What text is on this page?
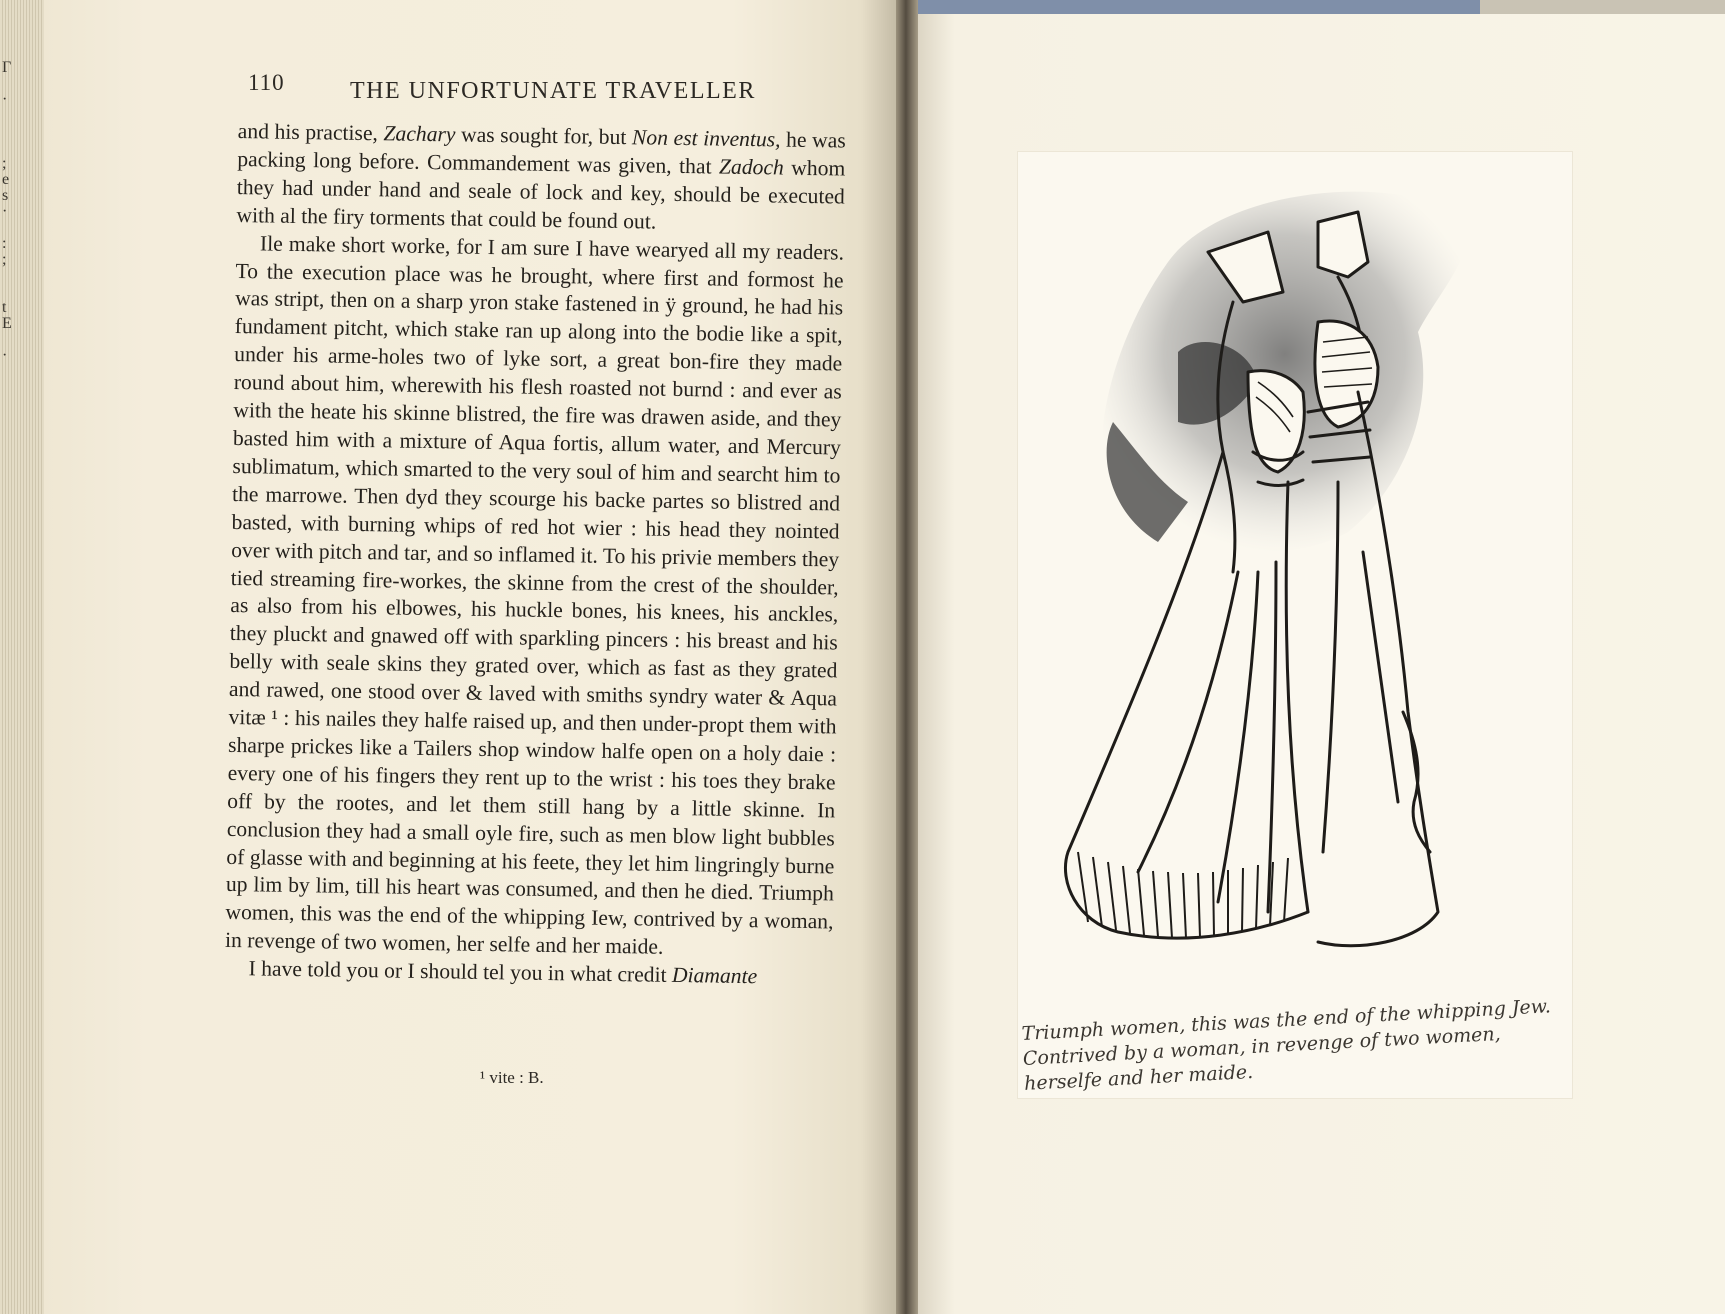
Γ

·

;
e
s
·

:
;

t
E

·
110	THE UNFORTUNATE TRAVELLER

and his practise, Zachary was sought for, but Non est inventus, he was packing long before. Commandement was given, that Zadoch whom they had under hand and seale of lock and key, should be executed with al the firy torments that could be found out.

Ile make short worke, for I am sure I have wearyed all my readers. To the execution place was he brought, where first and formost he was stript, then on a sharp yron stake fastened in ÿ ground, he had his fundament pitcht, which stake ran up along into the bodie like a spit, under his arme-holes two of lyke sort, a great bon-fire they made round about him, wherewith his flesh roasted not burnd : and ever as with the heate his skinne blistred, the fire was drawen aside, and they basted him with a mixture of Aqua fortis, allum water, and Mercury sublimatum, which smarted to the very soul of him and searcht him to the marrowe. Then dyd they scourge his backe partes so blistred and basted, with burning whips of red hot wier : his head they nointed over with pitch and tar, and so inflamed it. To his privie members they tied streaming fire-workes, the skinne from the crest of the shoulder, as also from his elbowes, his huckle bones, his knees, his anckles, they pluckt and gnawed off with sparkling pincers : his breast and his belly with seale skins they grated over, which as fast as they grated and rawed, one stood over & laved with smiths syndry water & Aqua vitæ ¹ : his nailes they halfe raised up, and then under-propt them with sharpe prickes like a Tailers shop window halfe open on a holy daie : every one of his fingers they rent up to the wrist : his toes they brake off by the rootes, and let them still hang by a little skinne. In conclusion they had a small oyle fire, such as men blow light bubbles of glasse with and beginning at his feete, they let him lingringly burne up lim by lim, till his heart was consumed, and then he died. Triumph women, this was the end of the whipping Iew, contrived by a woman, in revenge of two women, her selfe and her maide.

I have told you or I should tel you in what credit Diamante

¹ vite : B.
Triumph women, this was the end of the whipping Jew. Contrived by a woman, in revenge of two women, herselfe and her maide.
